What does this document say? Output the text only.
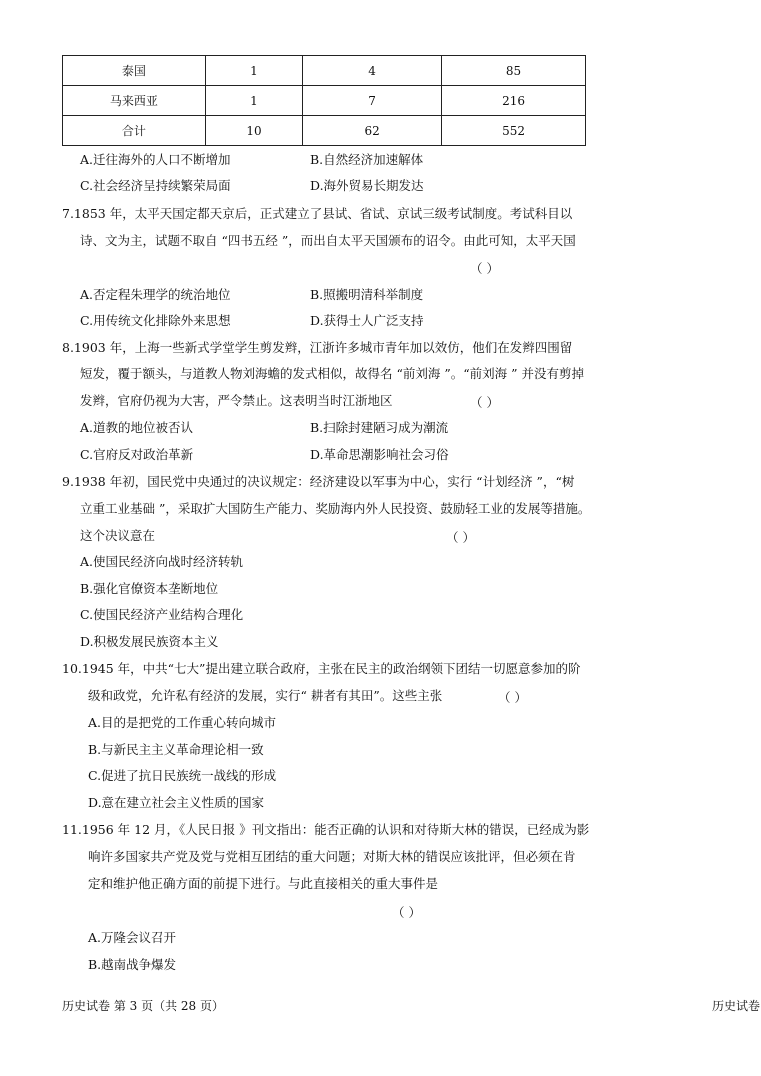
泰国	1	4	85
马来西亚	1	7	216
合计	10	62	552
A.迁往海外的人口不断增加	B.自然经济加速解体
C.社会经济呈持续繁荣局面	D.海外贸易长期发达
7.1853 年，太平天国定都天京后，正式建立了县试、省试、京试三级考试制度。考试科目以
诗、文为主，试题不取自 “四书五经 ”，而出自太平天国颁布的诏令。由此可知，太平天国
（ ）
A.否定程朱理学的统治地位	B.照搬明清科举制度
C.用传统文化排除外来思想	D.获得士人广泛支持
8.1903 年，上海一些新式学堂学生剪发辫，江浙许多城市青年加以效仿，他们在发辫四围留
短发，覆于额头，与道教人物刘海蟾的发式相似，故得名 “前刘海 ”。“前刘海 ” 并没有剪掉
发辫，官府仍视为大害，严令禁止。这表明当时江浙地区	（ ）
A.道教的地位被否认	B.扫除封建陋习成为潮流
C.官府反对政治革新	D.革命思潮影响社会习俗
9.1938 年初，国民党中央通过的决议规定：经济建设以军事为中心，实行 “计划经济 ”，“树
立重工业基础 ”，采取扩大国防生产能力、奖励海内外人民投资、鼓励轻工业的发展等措施。
这个决议意在	（ ）
A.使国民经济向战时经济转轨
B.强化官僚资本垄断地位
C.使国民经济产业结构合理化
D.积极发展民族资本主义
10.1945 年，中共“七大”提出建立联合政府，主张在民主的政治纲领下团结一切愿意参加的阶
级和政党，允许私有经济的发展，实行“ 耕者有其田”。这些主张	（ ）
A.目的是把党的工作重心转向城市
B.与新民主主义革命理论相一致
C.促进了抗日民族统一战线的形成
D.意在建立社会主义性质的国家
11.1956 年 12 月，《人民日报 》刊文指出：能否正确的认识和对待斯大林的错误，已经成为影
响许多国家共产党及党与党相互团结的重大问题；对斯大林的错误应该批评，但必须在肯
定和维护他正确方面的前提下进行。与此直接相关的重大事件是
（ ）
A.万隆会议召开
B.越南战争爆发
历史试卷 第 3 页（共 28 页）	历史试卷
